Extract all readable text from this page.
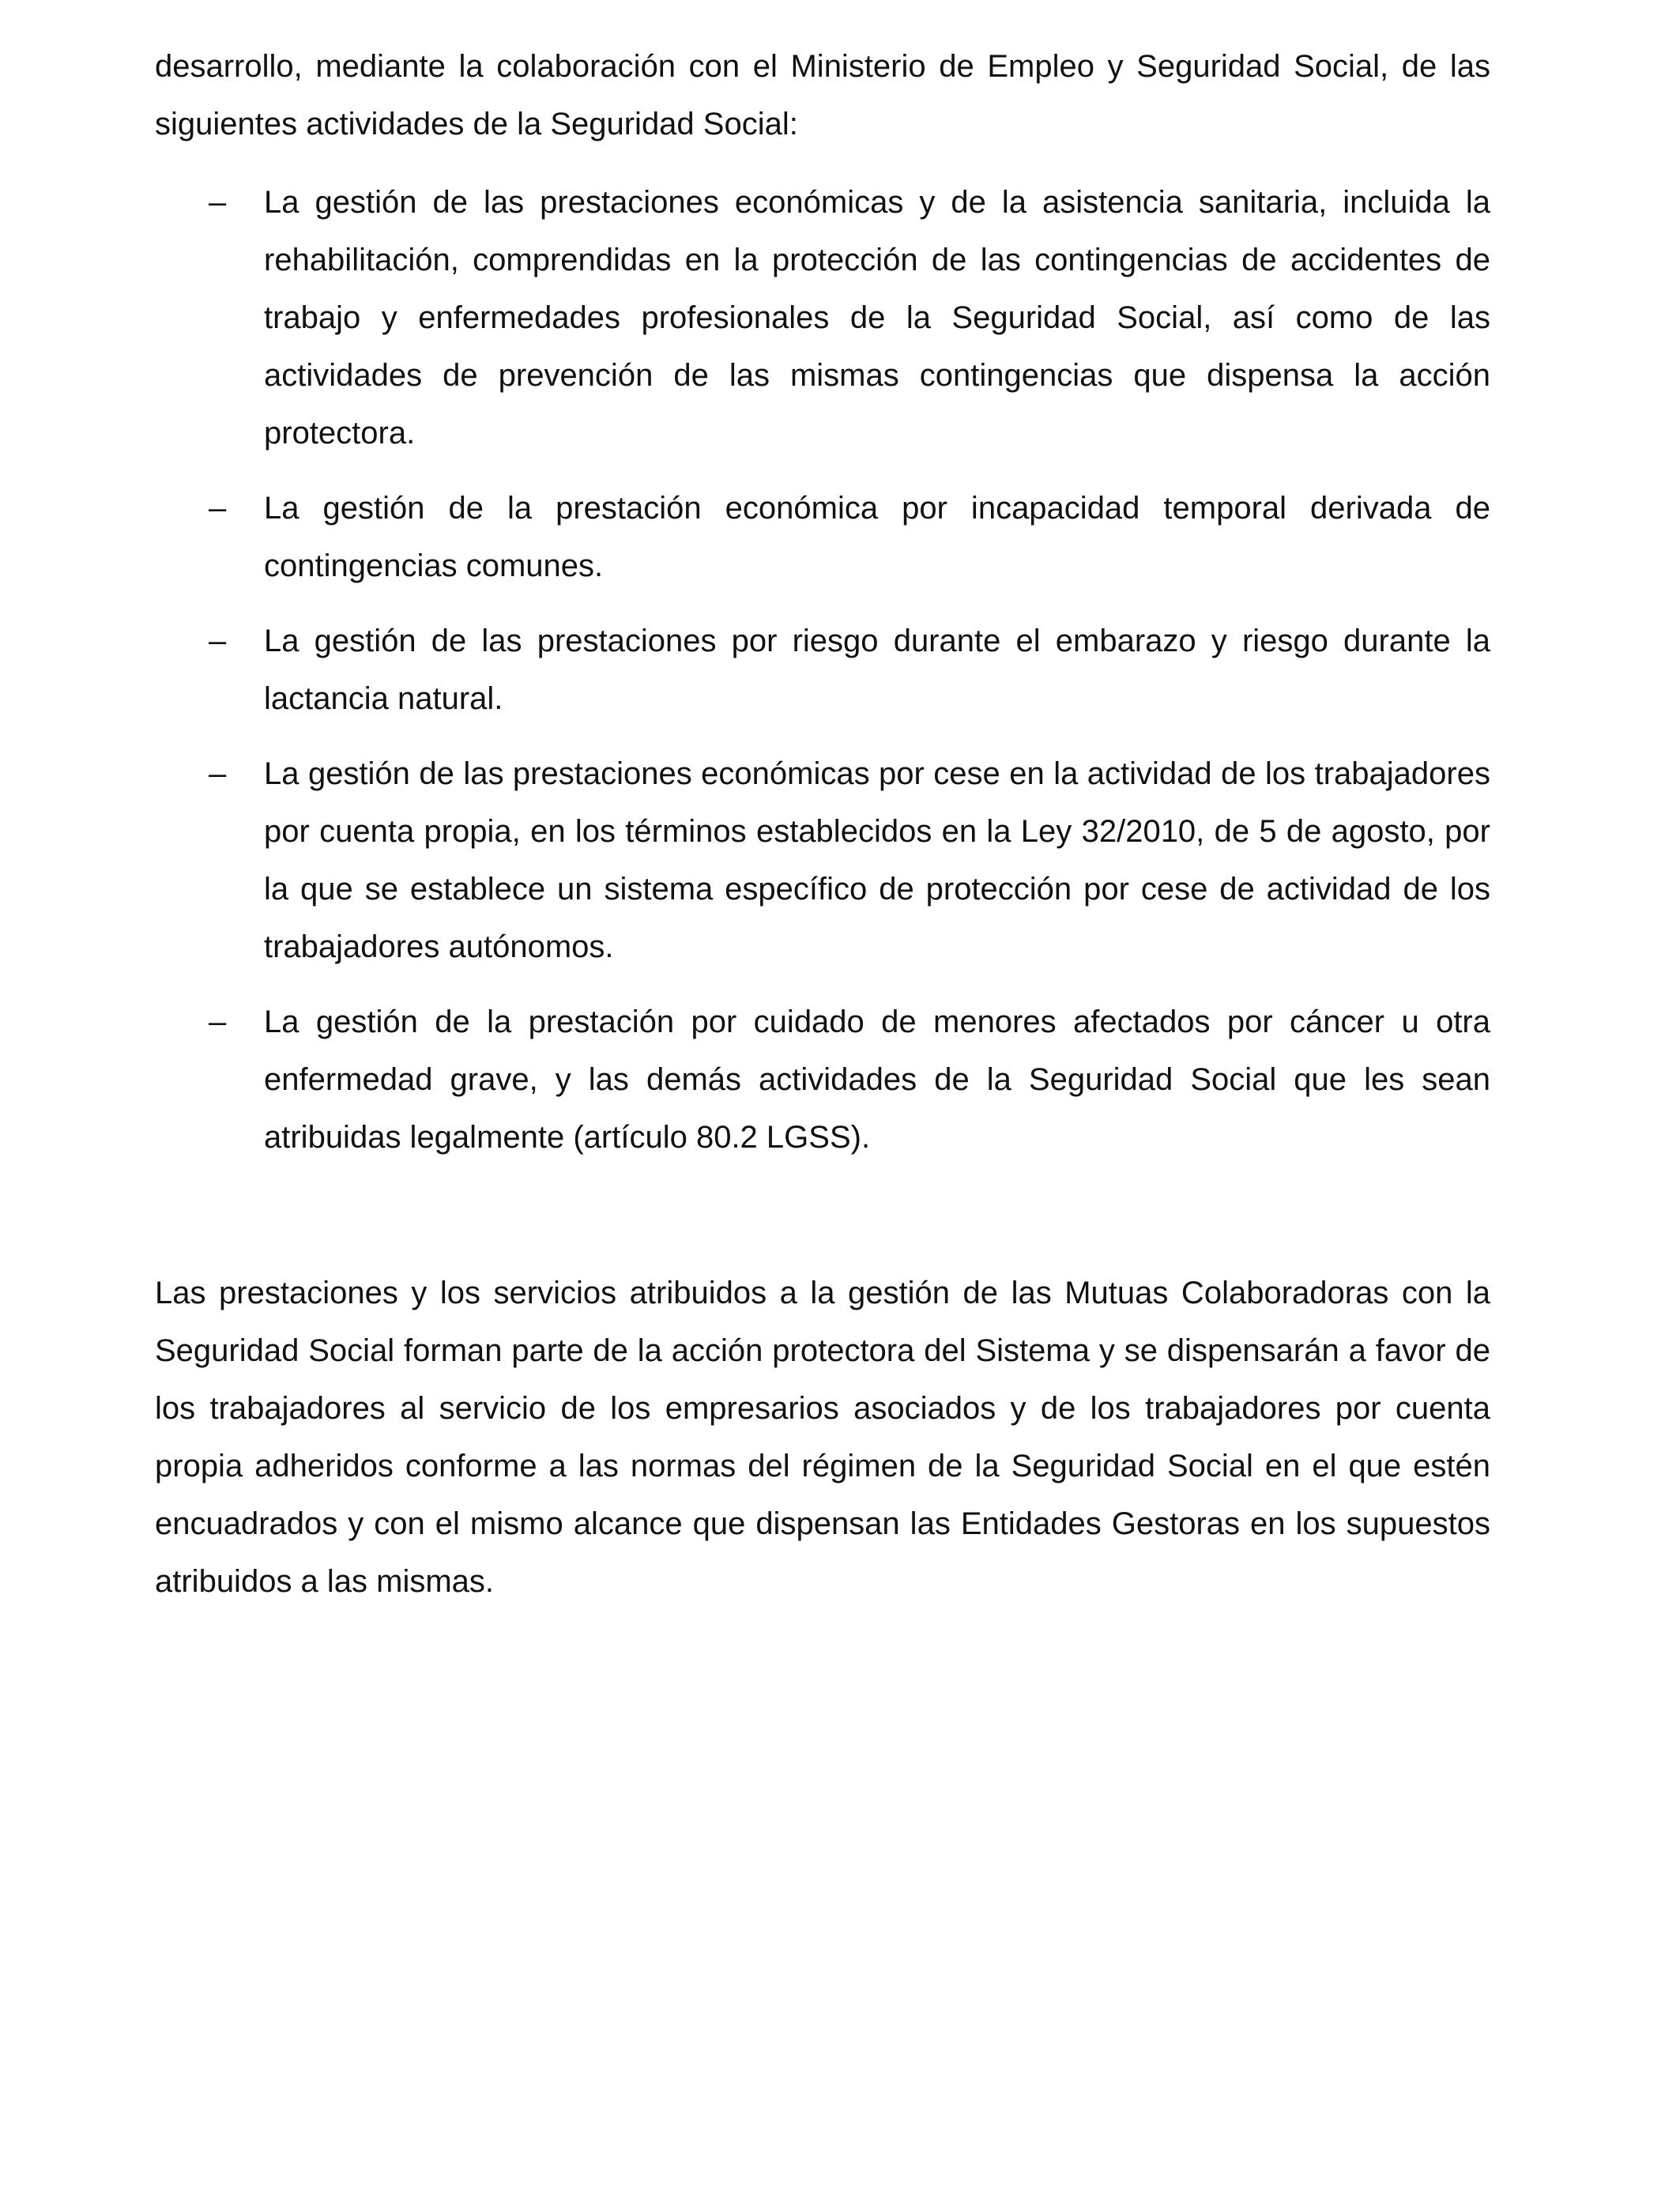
desarrollo, mediante la colaboración con el Ministerio de Empleo y Seguridad Social, de las siguientes actividades de la Seguridad Social:

– La gestión de las prestaciones económicas y de la asistencia sanitaria, incluida la rehabilitación, comprendidas en la protección de las contingencias de accidentes de trabajo y enfermedades profesionales de la Seguridad Social, así como de las actividades de prevención de las mismas contingencias que dispensa la acción protectora.
– La gestión de la prestación económica por incapacidad temporal derivada de contingencias comunes.
– La gestión de las prestaciones por riesgo durante el embarazo y riesgo durante la lactancia natural.
– La gestión de las prestaciones económicas por cese en la actividad de los trabajadores por cuenta propia, en los términos establecidos en la Ley 32/2010, de 5 de agosto, por la que se establece un sistema específico de protección por cese de actividad de los trabajadores autónomos.
– La gestión de la prestación por cuidado de menores afectados por cáncer u otra enfermedad grave, y las demás actividades de la Seguridad Social que les sean atribuidas legalmente (artículo 80.2 LGSS).

Las prestaciones y los servicios atribuidos a la gestión de las Mutuas Colaboradoras con la Seguridad Social forman parte de la acción protectora del Sistema y se dispensarán a favor de los trabajadores al servicio de los empresarios asociados y de los trabajadores por cuenta propia adheridos conforme a las normas del régimen de la Seguridad Social en el que estén encuadrados y con el mismo alcance que dispensan las Entidades Gestoras en los supuestos atribuidos a las mismas.
